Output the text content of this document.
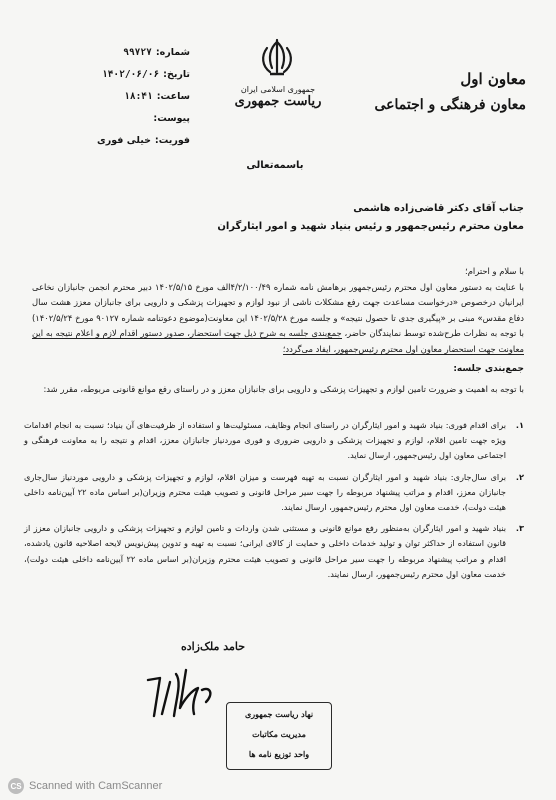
شماره:
۹۹۷۲۷
تاریخ:
۱۴۰۲/۰۶/۰۶
ساعت:
۱۸:۴۱
پیوست:
فوریت:
خیلی فوری
جمهوری اسلامی ایران
ریاست جمهوری
معاون اول
معاون فرهنگی و اجتماعی
باسمه‌تعالی
جناب آقای دکتر قاضی‌زاده هاشمی
معاون محترم رئیس‌جمهور و رئیس بنیاد شهید و امور ایثارگران

با سلام و احترام؛

با عنایت به دستور معاون اول محترم رئیس‌جمهور برهامش نامه شماره ۴/۲/۱۰۰/۴۹الف مورخ ۱۴۰۲/۵/۱۵ دبیر محترم انجمن جانبازان نخاعی ایرانیان درخصوص «درخواست مساعدت جهت رفع مشکلات ناشی از نبود لوازم و تجهیزات پزشکی و دارویی برای جانبازان معزز هشت سال دفاع مقدس» مبنی بر «پیگیری جدی تا حصول نتیجه» و جلسه مورخ ۱۴۰۲/۵/۲۸ این معاونت(موضوع دعوتنامه شماره ۹۰۱۲۷ مورخ ۱۴۰۲/۵/۲۴) با توجه به نظرات طرح‌شده توسط نمایندگان حاضر، جمع‌بندی جلسه به شرح ذیل جهت استحضار، صدور دستور اقدام لازم و اعلام نتیجه به این معاونت جهت استحضار معاون اول محترم رئیس‌جمهور، ایفاد می‌گردد؛

جمع‌بندی جلسه:
با توجه به اهمیت و ضرورت تامین لوازم و تجهیزات پزشکی و دارویی برای جانبازان معزز و در راستای رفع موانع قانونی مربوطه، مقرر شد:
۱.
برای اقدام فوری: بنیاد شهید و امور ایثارگران در راستای انجام وظایف، مسئولیت‌ها و استفاده از ظرفیت‌های آن بنیاد؛ نسبت به انجام اقدامات ویژه جهت تامین اقلام، لوازم و تجهیزات پزشکی و دارویی ضروری و فوری موردنیاز جانبازان معزز، اقدام و نتیجه را به معاونت فرهنگی و اجتماعی معاون اول رئیس‌جمهور، ارسال نماید.
۲.
برای سال‌جاری: بنیاد شهید و امور ایثارگران نسبت به تهیه فهرست و میزان اقلام، لوازم و تجهیزات پزشکی و دارویی موردنیاز سال‌جاری جانبازان معزز، اقدام و مراتب پیشنهاد مربوطه را جهت سیر مراحل قانونی و تصویب هیئت محترم وزیران(بر اساس ماده ۲۲ آیین‌نامه داخلی هیئت دولت)، خدمت معاون اول محترم رئیس‌جمهور، ارسال نمایند.
۳.
بنیاد شهید و امور ایثارگران به‌منظور رفع موانع قانونی و مستثنی شدن واردات و تامین لوازم و تجهیزات پزشکی و دارویی جانبازان معزز از قانون استفاده از حداکثر توان و تولید خدمات داخلی و حمایت از کالای ایرانی؛ نسبت به تهیه و تدوین پیش‌نویس لایحه اصلاحیه قانون یادشده، اقدام و مراتب پیشنهاد مربوطه را جهت سیر مراحل قانونی و تصویب هیئت محترم وزیران(بر اساس ماده ۲۲ آیین‌نامه داخلی هیئت دولت)، خدمت معاون اول محترم رئیس‌جمهور، ارسال نمایند.
حامد ملک‌زاده
نهاد ریاست جمهوری
مدیریت مکاتبات
واحد توزیع نامه ها
CS Scanned with CamScanner
